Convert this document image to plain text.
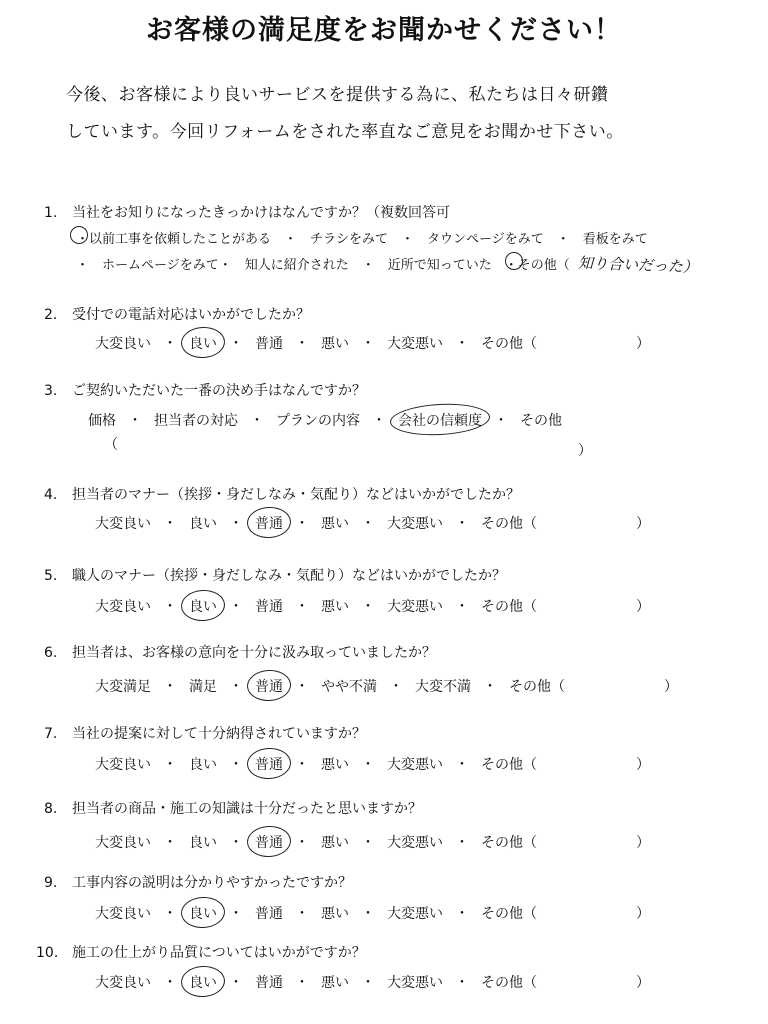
お客様の満足度をお聞かせください！
今後、お客様により良いサービスを提供する為に、私たちは日々研鑽
しています。今回リフォームをされた率直なご意見をお聞かせ下さい。
1. 当社をお知りになったきっかけはなんですか？（複数回答可
・以前工事を依頼したことがある　・　チラシをみて　・　タウンページをみて　・　看板をみて
・　ホームページをみて・　知人に紹介された　・　近所で知っていた　・その他（ 知り合いだった）
2. 受付での電話対応はいかがでしたか？
大変良い ・ 良い ・ 普通 ・ 悪い ・ 大変悪い ・ その他（	）
4. 担当者のマナー（挨拶・身だしなみ・気配り）などはいかがでしたか？
大変良い ・ 良い ・ 普通 ・ 悪い ・ 大変悪い ・ その他（	）
5. 職人のマナー（挨拶・身だしなみ・気配り）などはいかがでしたか？
大変良い ・ 良い ・ 普通 ・ 悪い ・ 大変悪い ・ その他（	）
6. 担当者は、お客様の意向を十分に汲み取っていましたか？
大変満足 ・ 満足 ・ 普通 ・ やや不満 ・ 大変不満 ・ その他（	）
7. 当社の提案に対して十分納得されていますか？
大変良い ・ 良い ・ 普通 ・ 悪い ・ 大変悪い ・ その他（	）
8. 担当者の商品・施工の知識は十分だったと思いますか？
大変良い ・ 良い ・ 普通 ・ 悪い ・ 大変悪い ・ その他（	）
9. 工事内容の説明は分かりやすかったですか？
大変良い ・ 良い ・ 普通 ・ 悪い ・ 大変悪い ・ その他（	）
10. 施工の仕上がり品質についてはいかがですか？
大変良い ・ 良い ・ 普通 ・ 悪い ・ 大変悪い ・ その他（	）
3. ご契約いただいた一番の決め手はなんですか？
価格 ・ 担当者の対応 ・ プランの内容 ・ 会社の信頼度 ・ その他
（	）
